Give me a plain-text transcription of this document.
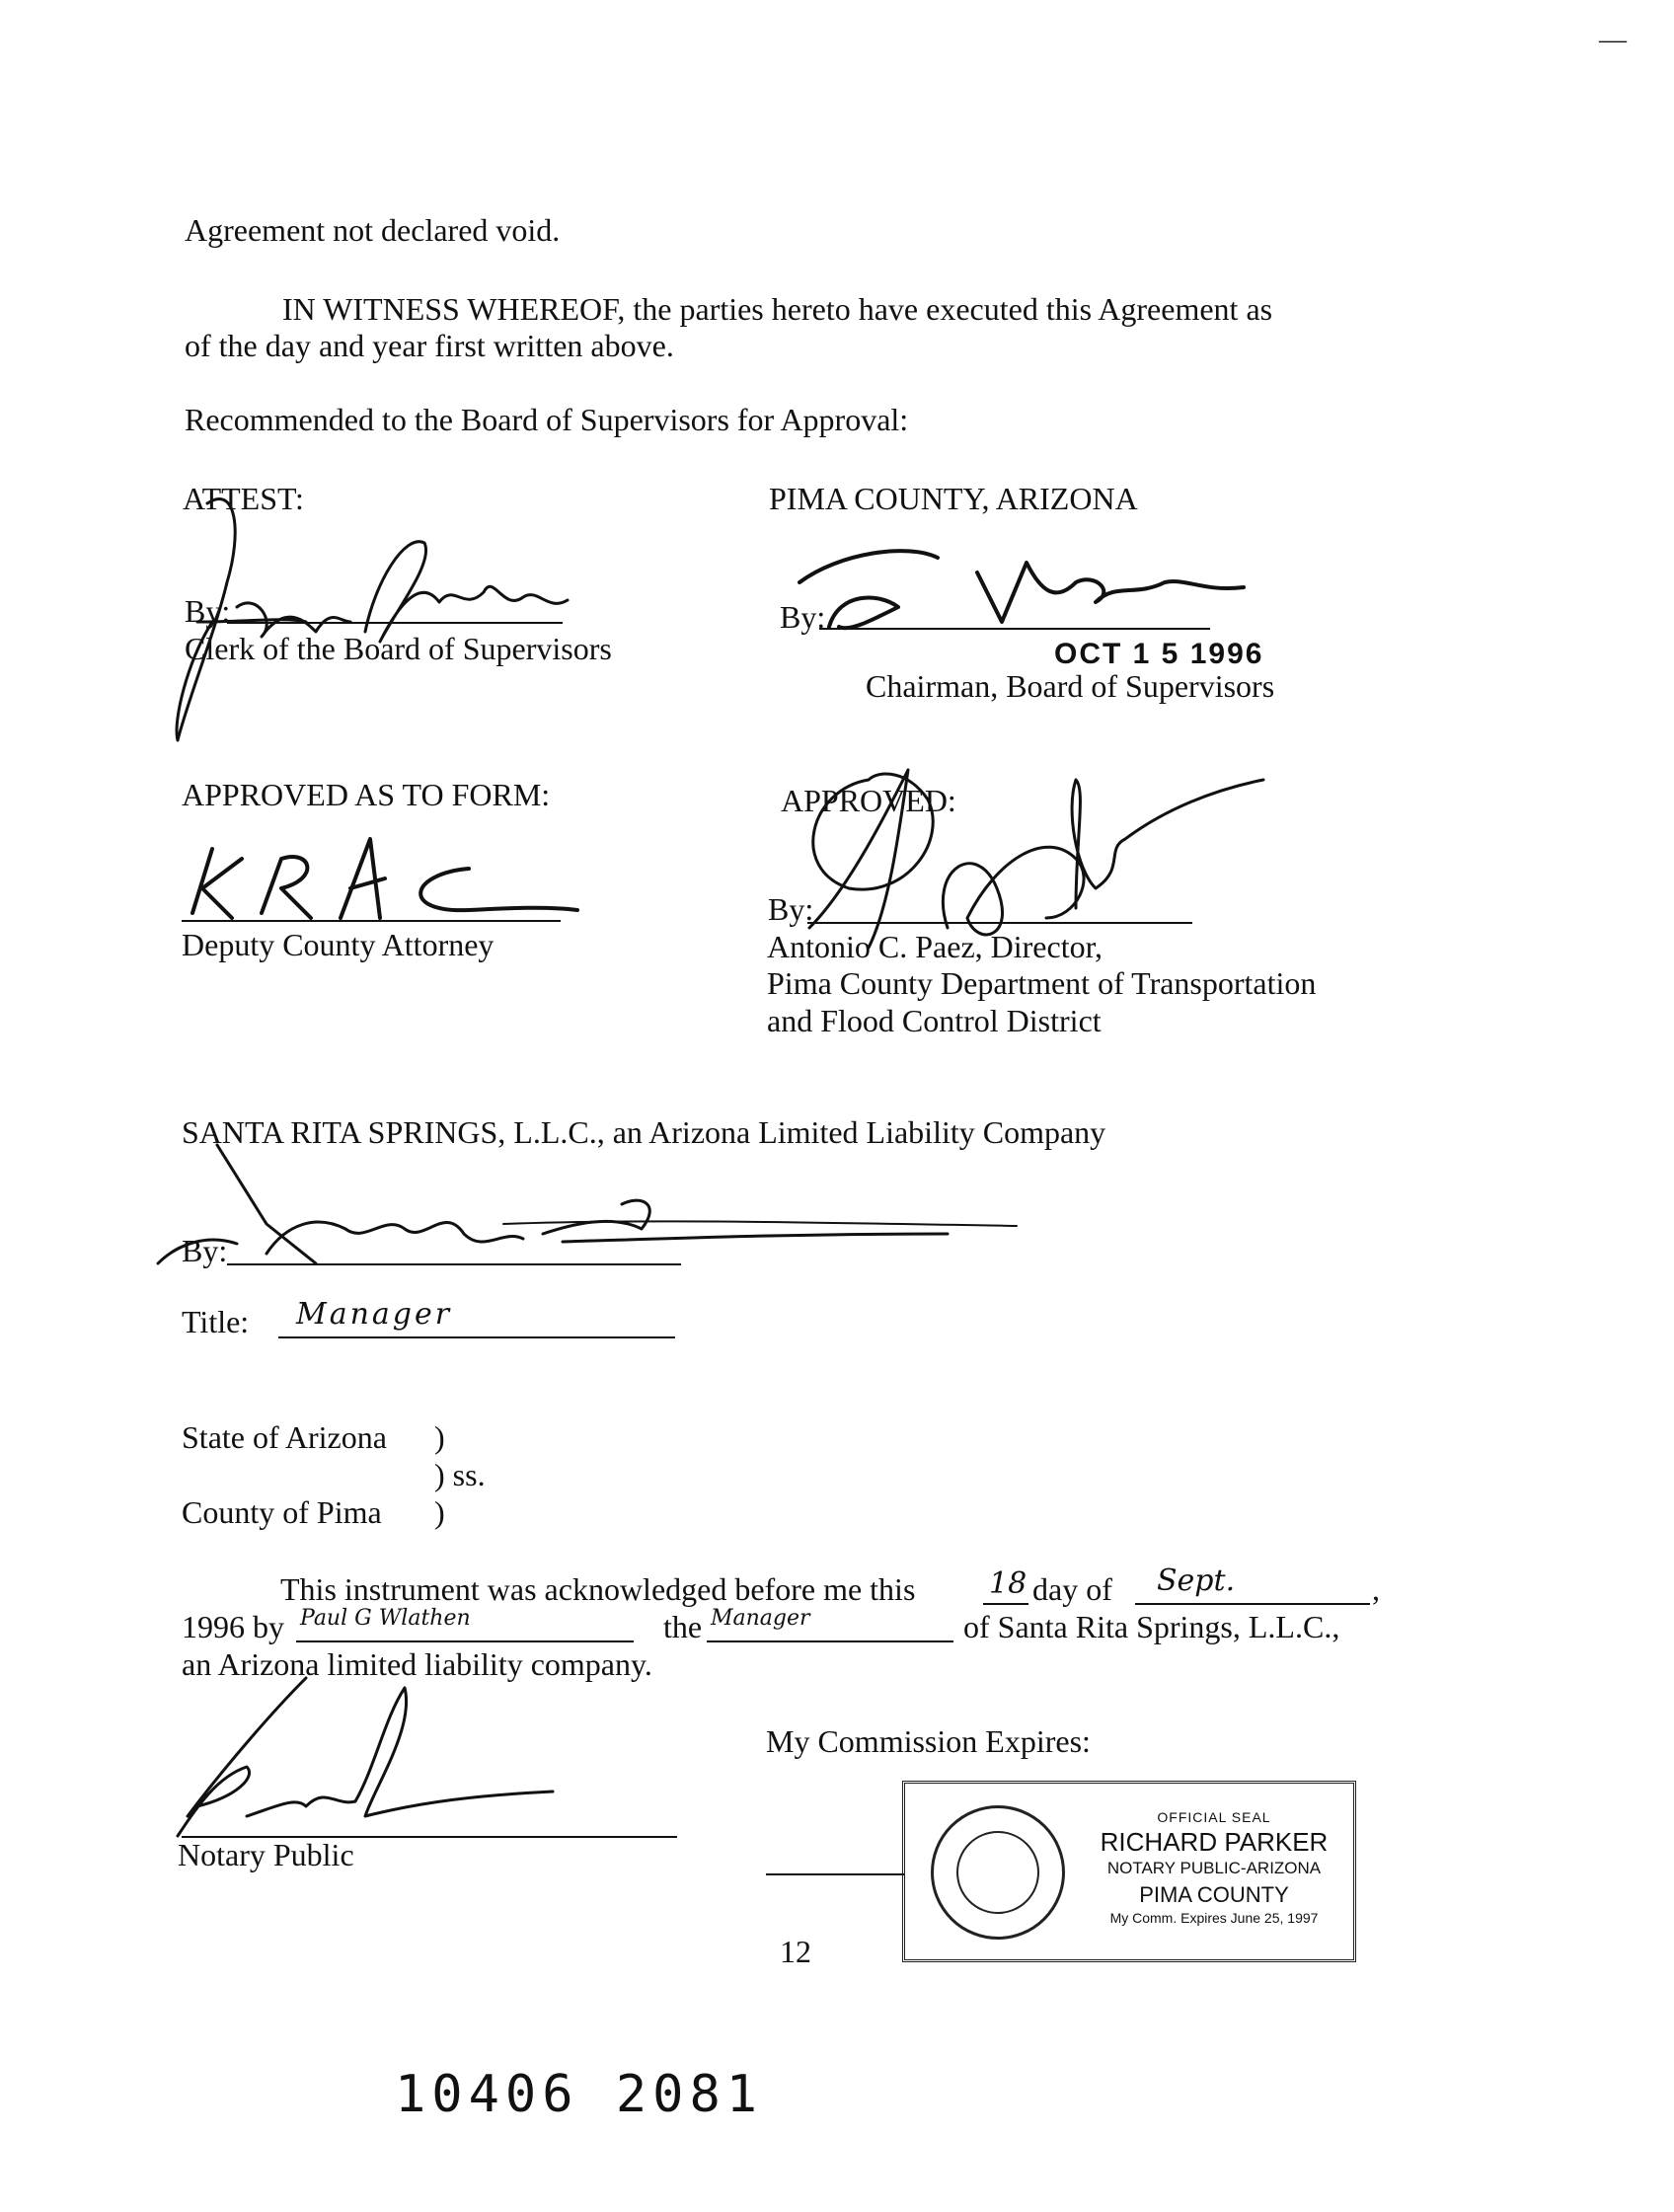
—
Agreement not declared void.
IN WITNESS WHEREOF, the parties hereto have executed this Agreement as
of the day and year first written above.
Recommended to the Board of Supervisors for Approval:
ATTEST:
By:
Clerk of the Board of Supervisors
PIMA COUNTY, ARIZONA
By:
OCT 1 5 1996
Chairman, Board of Supervisors
APPROVED AS TO FORM:
Deputy County Attorney
APPROVED:
By:
Antonio C. Paez, Director,
Pima County Department of Transportation
and Flood Control District
SANTA RITA SPRINGS, L.L.C., an Arizona Limited Liability Company
By:
Title: Manager
State of Arizona )
) ss.
County of Pima )
This instrument was acknowledged before me this 18 day of Sept.	,
1996 by Paul G Wlathen	the Manager	of Santa Rita Springs, L.L.C.,
an Arizona limited liability company.
Notary Public
My Commission Expires:
OFFICIAL SEAL
RICHARD PARKER
NOTARY PUBLIC-ARIZONA
PIMA COUNTY
My Comm. Expires June 25, 1997
12
10406 2081
